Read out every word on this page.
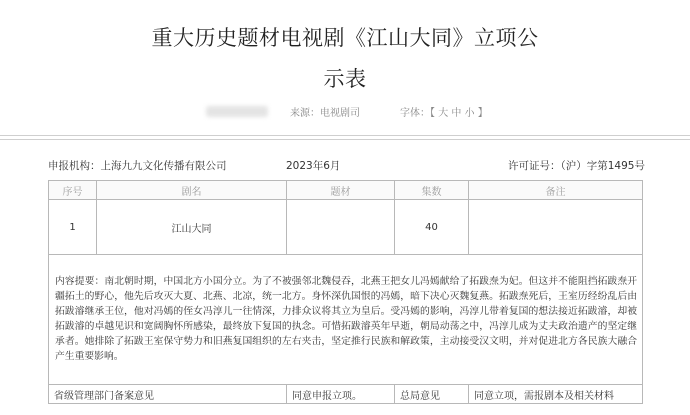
重大历史题材电视剧《江山大同》立项公
示表
来源：电视剧司	字体：【 大 中 小 】
申报机构：上海九九文化传播有限公司	2023年6月	许可证号：（沪）字第1495号
序号	剧名	题材	集数	备注
1	江山大同		40	
内容提要：南北朝时期，中国北方小国分立。为了不被强邻北魏侵吞，北燕王把女儿冯嫣献给了拓跋焘为妃。但这并不能阻挡拓跋焘开疆拓土的野心，他先后攻灭大夏、北燕、北凉，统一北方。身怀深仇国恨的冯嫣，暗下决心灭魏复燕。拓跋焘死后，王室历经纷乱后由拓跋濬继承王位，他对冯嫣的侄女冯淳儿一往情深，力排众议将其立为皇后。受冯嫣的影响，冯淳儿带着复国的想法接近拓跋濬，却被拓跋濬的卓越见识和宽阔胸怀所感染，最终放下复国的执念。可惜拓跋濬英年早逝，朝局动荡之中，冯淳儿成为丈夫政治遗产的坚定继承者。她排除了拓跋王室保守势力和旧燕复国组织的左右夹击，坚定推行民族和解政策，主动接受汉文明，并对促进北方各民族大融合产生重要影响。				
省级管理部门备案意见		同意申报立项。	总局意见	同意立项，需报剧本及相关材料
